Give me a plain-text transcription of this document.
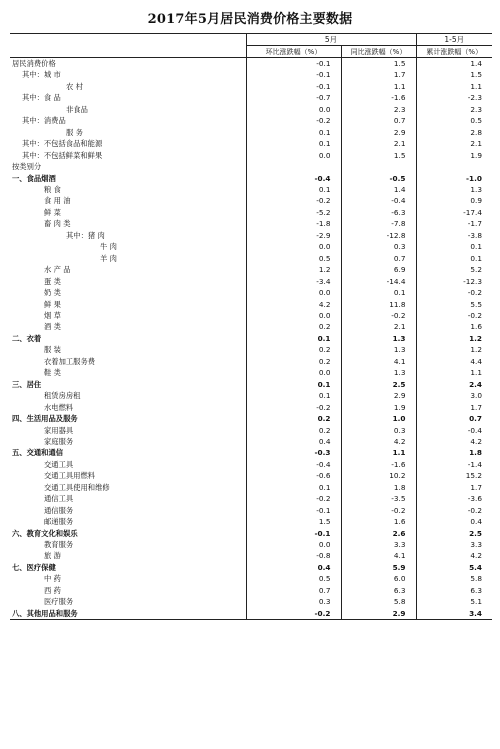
2017年5月居民消费价格主要数据
	5月		1-5月
	环比涨跌幅（%）	同比涨跌幅（%）	累计涨跌幅（%）
居民消费价格	-0.1	1.5	1.4
其中：城 市	-0.1	1.7	1.5
农 村	-0.1	1.1	1.1
其中：食 品	-0.7	-1.6	-2.3
非食品	0.0	2.3	2.3
其中：消费品	-0.2	0.7	0.5
服 务	0.1	2.9	2.8
其中：不包括食品和能源	0.1	2.1	2.1
其中：不包括鲜菜和鲜果	0.0	1.5	1.9
按类别分			
一、食品烟酒	-0.4	-0.5	-1.0
粮 食	0.1	1.4	1.3
食 用 油	-0.2	-0.4	0.9
鲜 菜	-5.2	-6.3	-17.4
畜 肉 类	-1.8	-7.8	-1.7
其中：猪 肉	-2.9	-12.8	-3.8
牛 肉	0.0	0.3	0.1
羊 肉	0.5	0.7	0.1
水 产 品	1.2	6.9	5.2
蛋 类	-3.4	-14.4	-12.3
奶 类	0.0	0.1	-0.2
鲜 果	4.2	11.8	5.5
烟 草	0.0	-0.2	-0.2
酒 类	0.2	2.1	1.6
二、衣着	0.1	1.3	1.2
服 装	0.2	1.3	1.2
衣着加工服务费	0.2	4.1	4.4
鞋 类	0.0	1.3	1.1
三、居住	0.1	2.5	2.4
租赁房房租	0.1	2.9	3.0
水电燃料	-0.2	1.9	1.7
四、生活用品及服务	0.2	1.0	0.7
家用器具	0.2	0.3	-0.4
家庭服务	0.4	4.2	4.2
五、交通和通信	-0.3	1.1	1.8
交通工具	-0.4	-1.6	-1.4
交通工具用燃料	-0.6	10.2	15.2
交通工具使用和维修	0.1	1.8	1.7
通信工具	-0.2	-3.5	-3.6
通信服务	-0.1	-0.2	-0.2
邮递服务	1.5	1.6	0.4
六、教育文化和娱乐	-0.1	2.6	2.5
教育服务	0.0	3.3	3.3
旅 游	-0.8	4.1	4.2
七、医疗保健	0.4	5.9	5.4
中 药	0.5	6.0	5.8
西 药	0.7	6.3	6.3
医疗服务	0.3	5.8	5.1
八、其他用品和服务	-0.2	2.9	3.4
